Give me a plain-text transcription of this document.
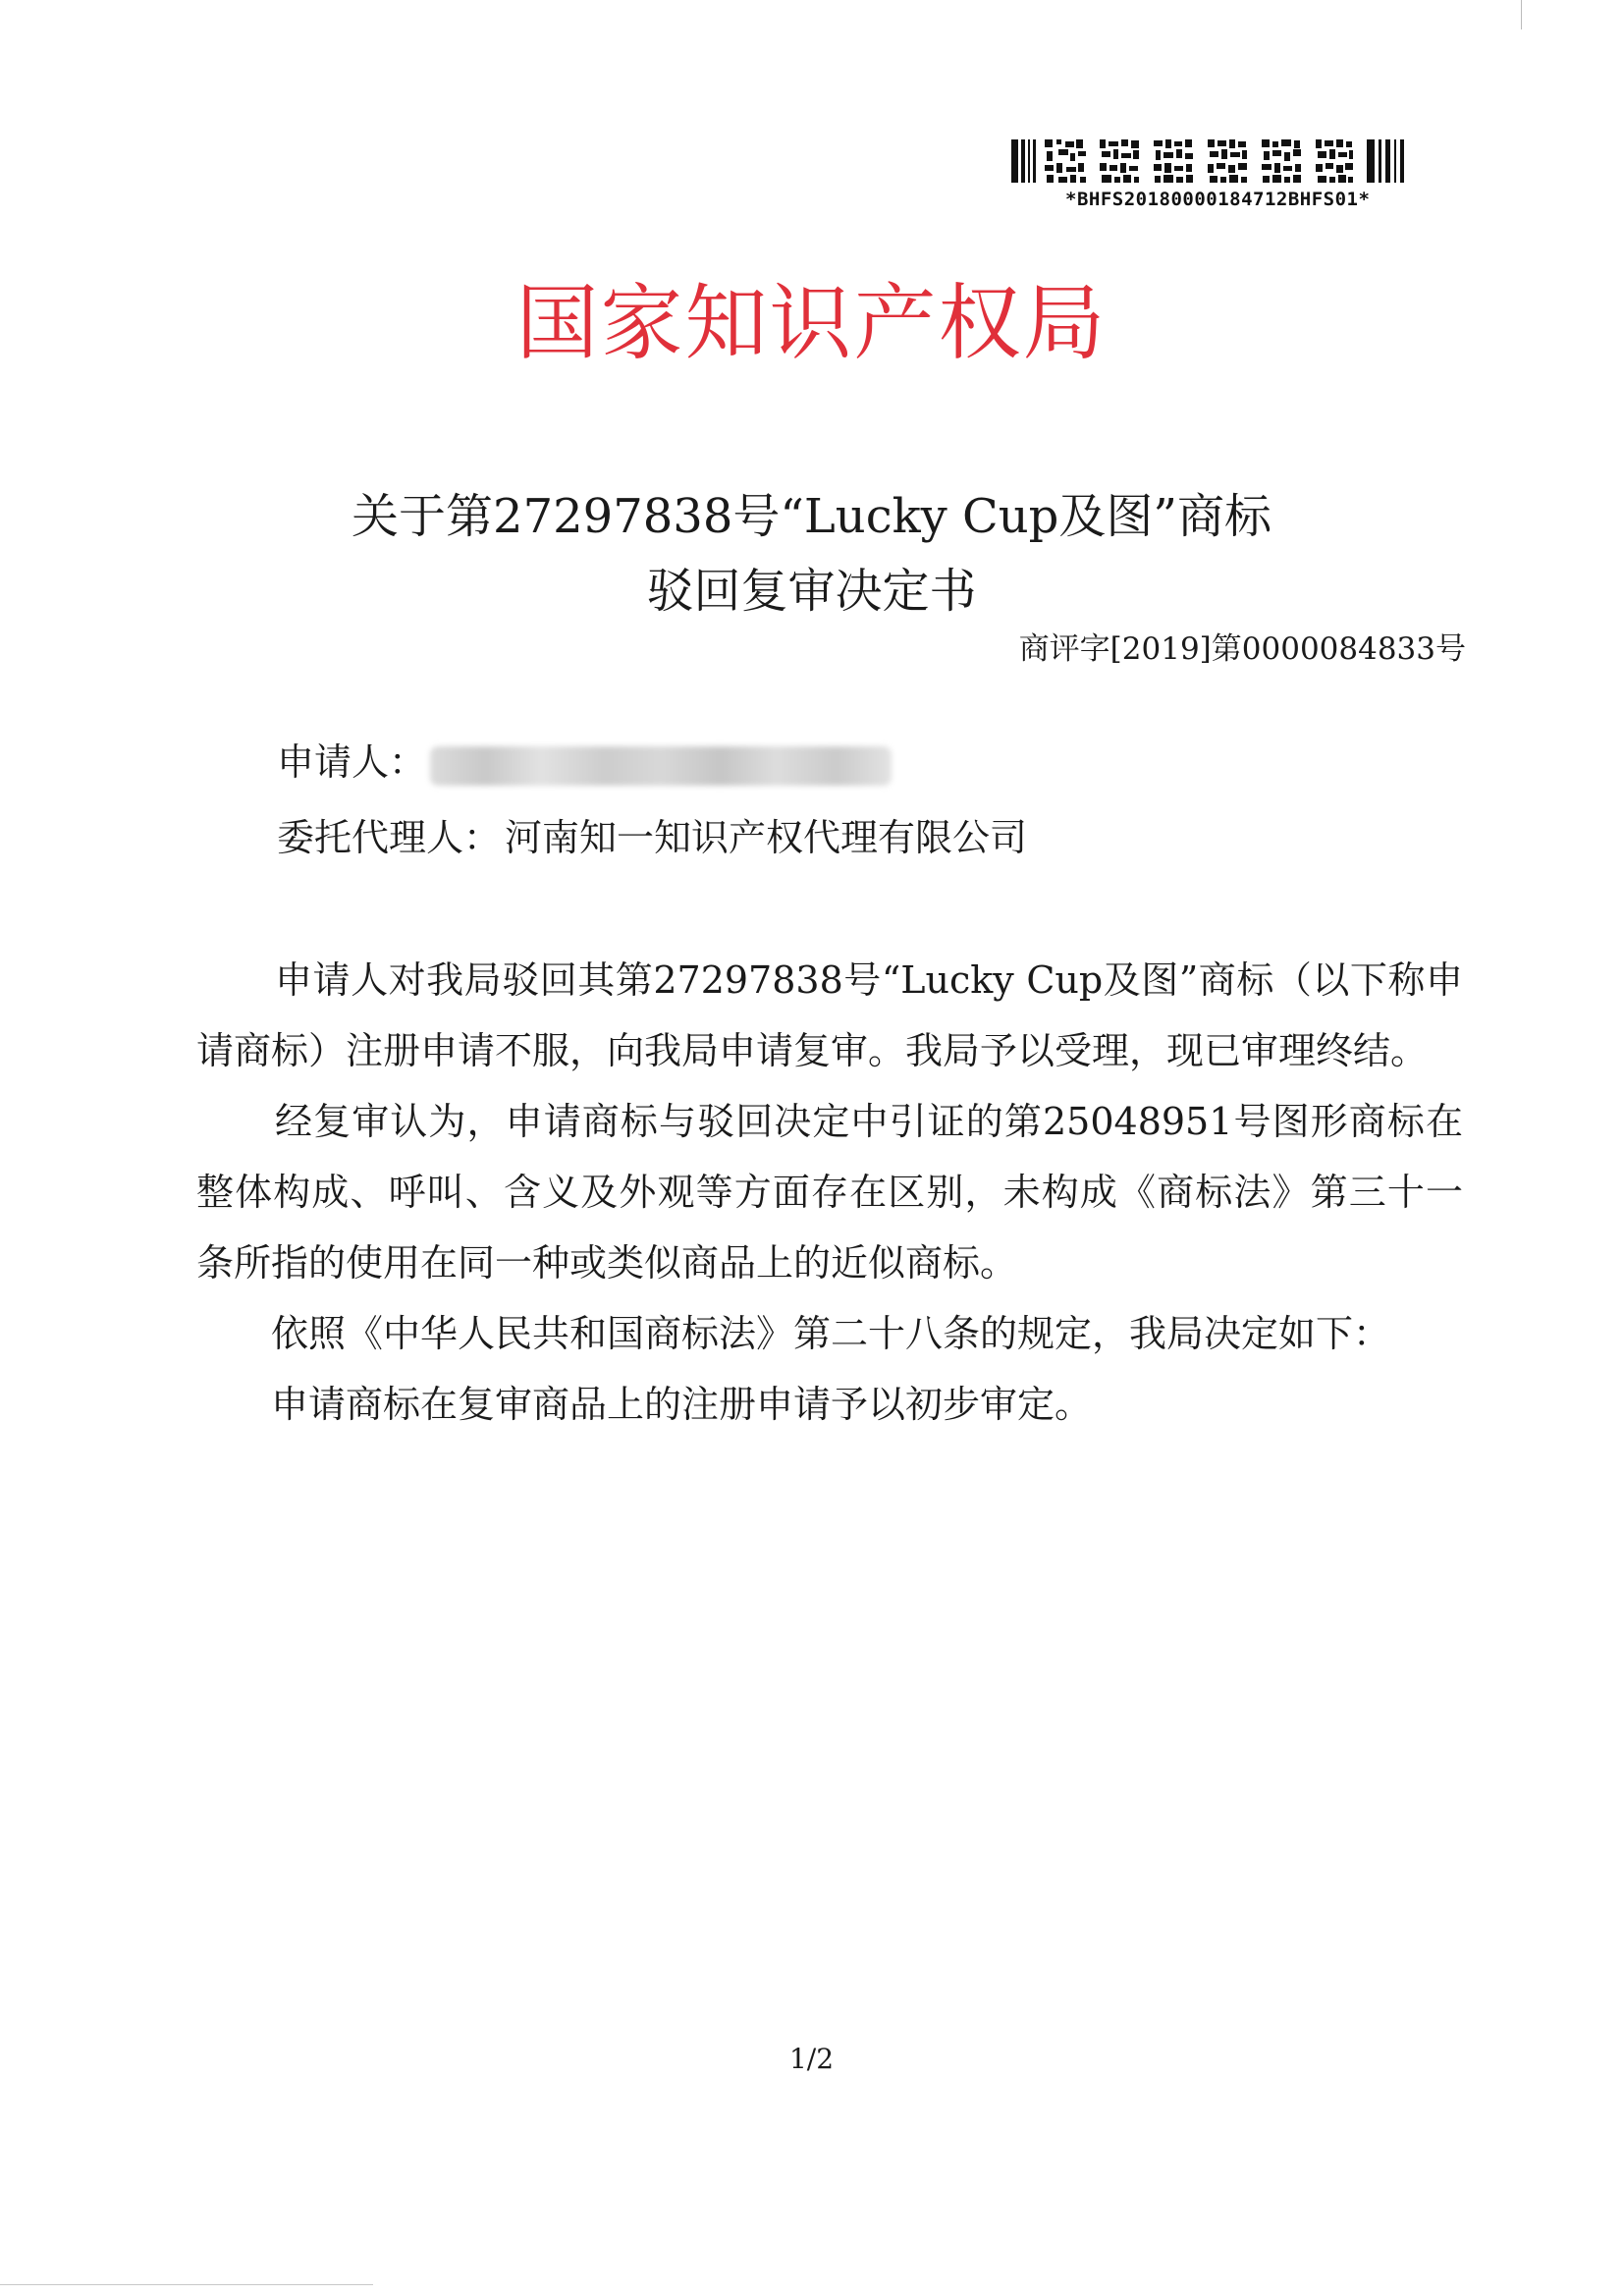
*BHFS20180000184712BHFS01*
国家知识产权局
关于第27297838号“Lucky Cup及图”商标
驳回复审决定书
商评字[2019]第0000084833号
申请人：
委托代理人： 河南知一知识产权代理有限公司

申请人对我局驳回其第27297838号“Lucky Cup及图”商标（以下称申请商标）注册申请不服，向我局申请复审。我局予以受理，现已审理终结。

经复审认为，申请商标与驳回决定中引证的第25048951号图形商标在整体构成、呼叫、含义及外观等方面存在区别，未构成《商标法》第三十一条所指的使用在同一种或类似商品上的近似商标。

依照《中华人民共和国商标法》第二十八条的规定，我局决定如下：

申请商标在复审商品上的注册申请予以初步审定。

1/2
